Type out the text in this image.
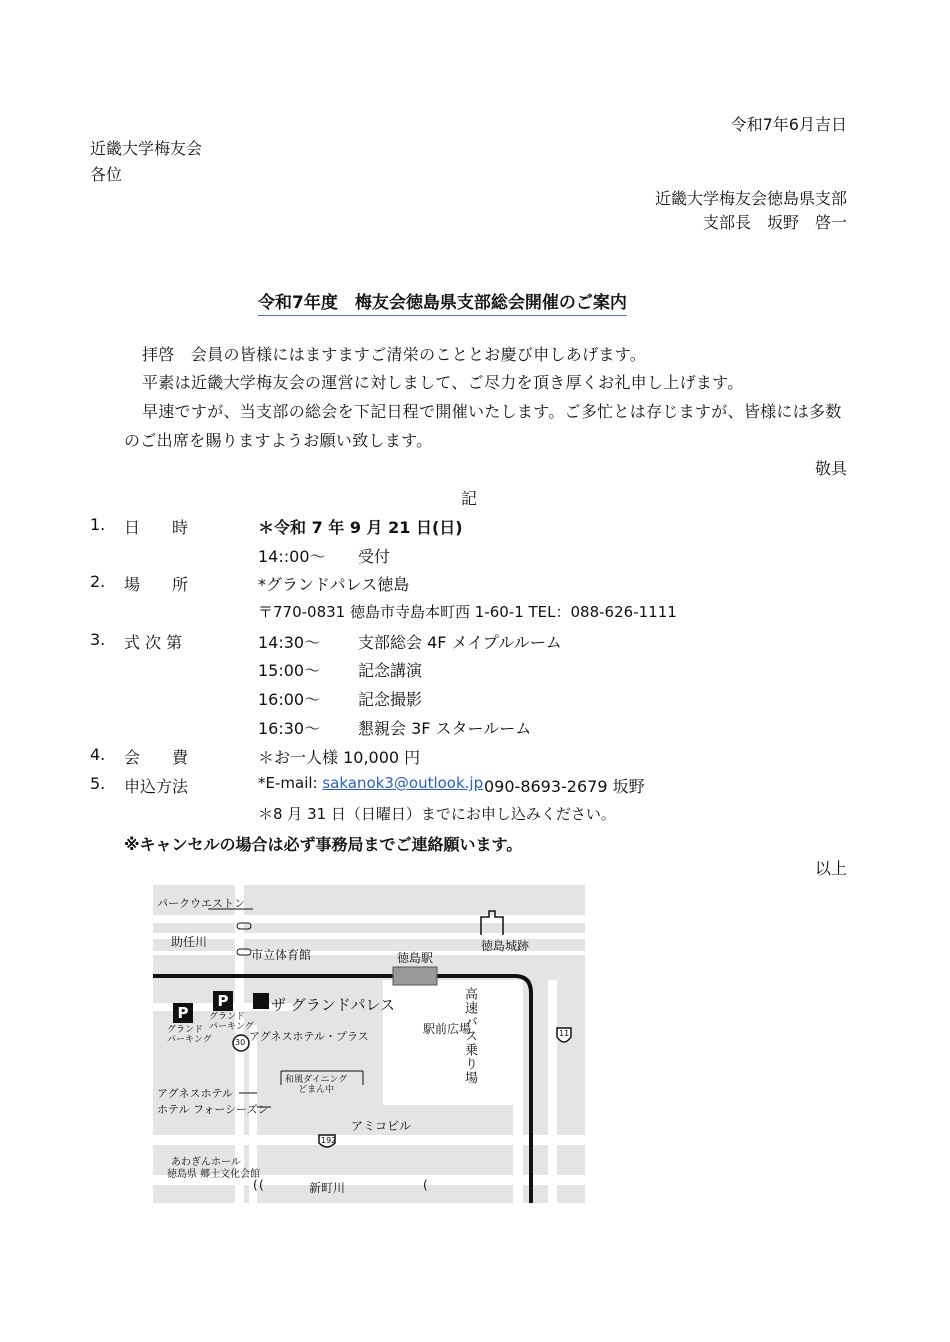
令和7年6月吉日
近畿大学梅友会
各位
近畿大学梅友会徳島県支部
支部長　坂野　啓一
令和7年度　梅友会徳島県支部総会開催のご案内
拝啓　会員の皆様にはますますご清栄のこととお慶び申しあげます。
平素は近畿大学梅友会の運営に対しまして、ご尽力を頂き厚くお礼申し上げます。
早速ですが、当支部の総会を下記日程で開催いたします。ご多忙とは存じますが、皆様には多数
のご出席を賜りますようお願い致します。
敬具
記
1. 日　　時	＊令和 7 年 9 月 21 日(日)
14::00～ 受付
2. 場　　所	*グランドパレス徳島
〒770-0831 徳島市寺島本町西 1-60-1 TEL：088-626-1111
3. 式 次 第	14:30～ 支部総会 4F メイプルルーム
15:00～ 記念講演
16:00～ 記念撮影
16:30～ 懇親会 3F スタールーム
4. 会　　費	＊お一人様 10,000 円
5. 申込方法	*E-mail: sakanok3@outlook.jp 090-8693-2679 坂野
＊8 月 31 日（日曜日）までにお申し込みください。
※キャンセルの場合は必ず事務局までご連絡願います。
以上
( (	(
パークウエストン
助任川
市立体育館	徳島駅
徳島城跡
ザ グランドパレス
P
グランド
パーキング
P
グランド
パーキング
アグネスホテル・プラス
駅前広場
高速バス乗り場	11
30
192
和風ダイニング
どまん中
アグネスホテル
ホテル フォーシーズン
アミコビル
あわぎんホール
徳島県 郷土文化会館
新町川
